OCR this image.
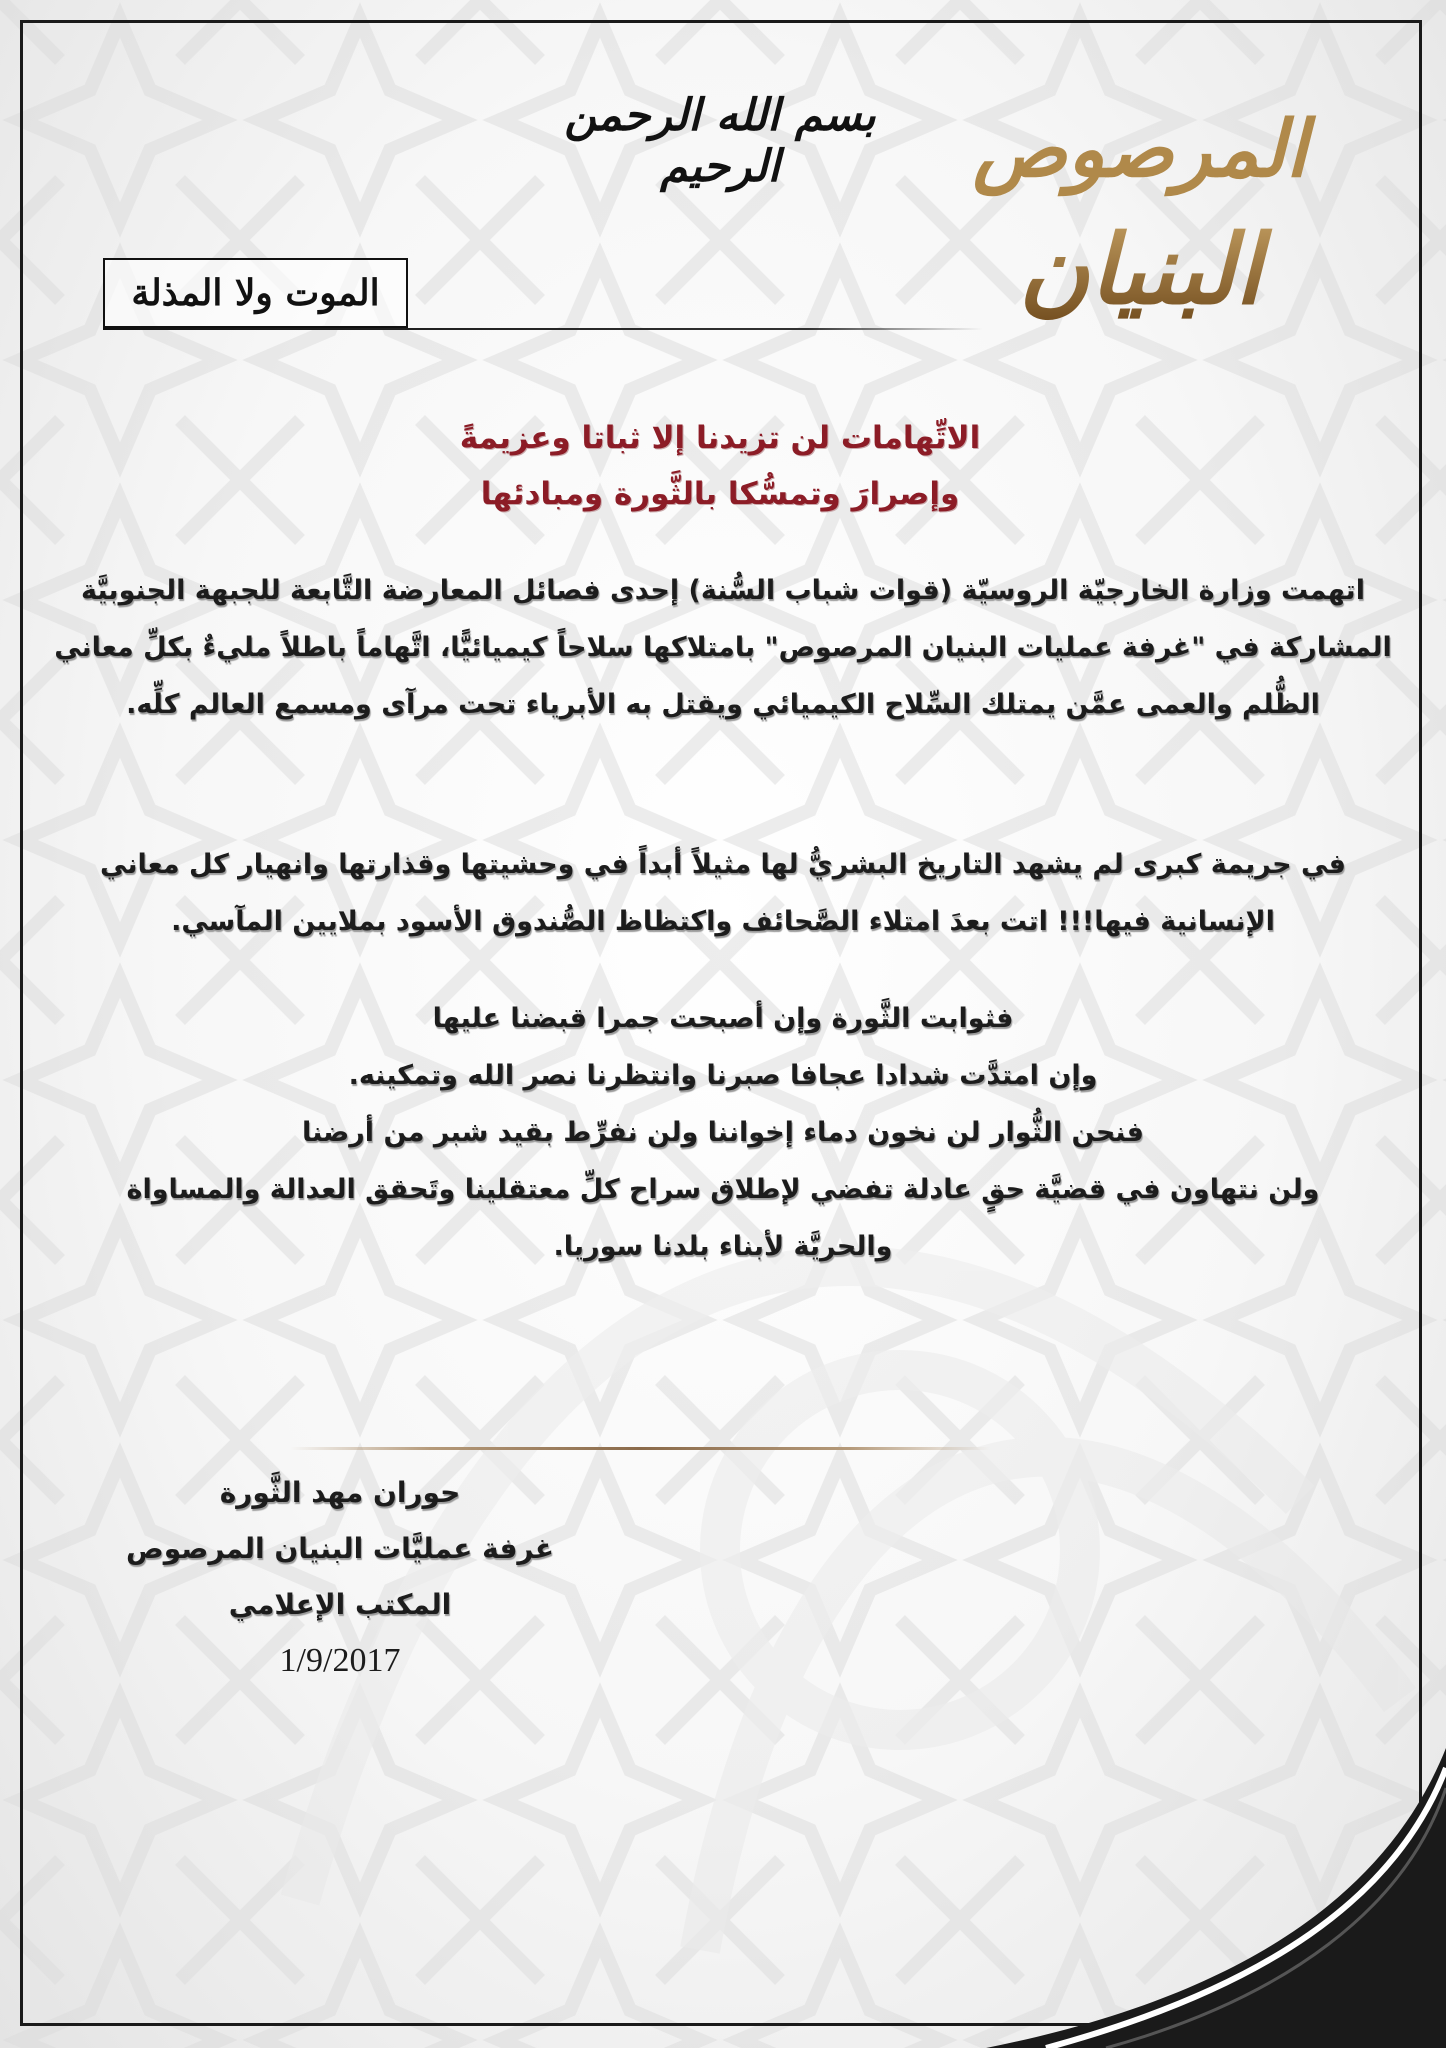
بسم الله الرحمن الرحيم
الموت ولا المذلة
المرصوص
البنيان
الاتِّهامات لن تزيدنا إلا ثباتا وعزيمةً
وإصرارَ وتمسُّكا بالثَّورة ومبادئها
اتهمت وزارة الخارجيّة الروسيّة (قوات شباب السُّنة) إحدى فصائل المعارضة التَّابعة للجبهة الجنوبيَّة المشاركة في "غرفة عمليات البنيان المرصوص" بامتلاكها سلاحاً كيميائيًّا، اتَّهاماً باطلاً مليءٌ بكلِّ معاني الظُّلم والعمى عمَّن يمتلك السِّلاح الكيميائي ويقتل به الأبرياء تحت مرآى ومسمع العالم كلِّه.
في جريمة كبرى لم يشهد التاريخ البشريُّ لها مثيلاً أبداً في وحشيتها وقذارتها وانهيار كل معاني الإنسانية فيها!!! اتت بعدَ امتلاء الصَّحائف واكتظاظ الصُّندوق الأسود بملايين المآسي.
فثوابت الثَّورة وإن أصبحت جمرا قبضنا عليها
وإن امتدَّت شدادا عجافا صبرنا وانتظرنا نصر الله وتمكينه.
فنحن الثُّوار لن نخون دماء إخواننا ولن نفرِّط بقيد شبر من أرضنا
ولن نتهاون في قضيَّة حقٍ عادلة تفضي لإطلاق سراح كلِّ معتقلينا وتَحقق العدالة والمساواة
والحريَّة لأبناء بلدنا سوريا.
حوران مهد الثَّورة
غرفة عمليَّات البنيان المرصوص
المكتب الإعلامي
1/9/2017
